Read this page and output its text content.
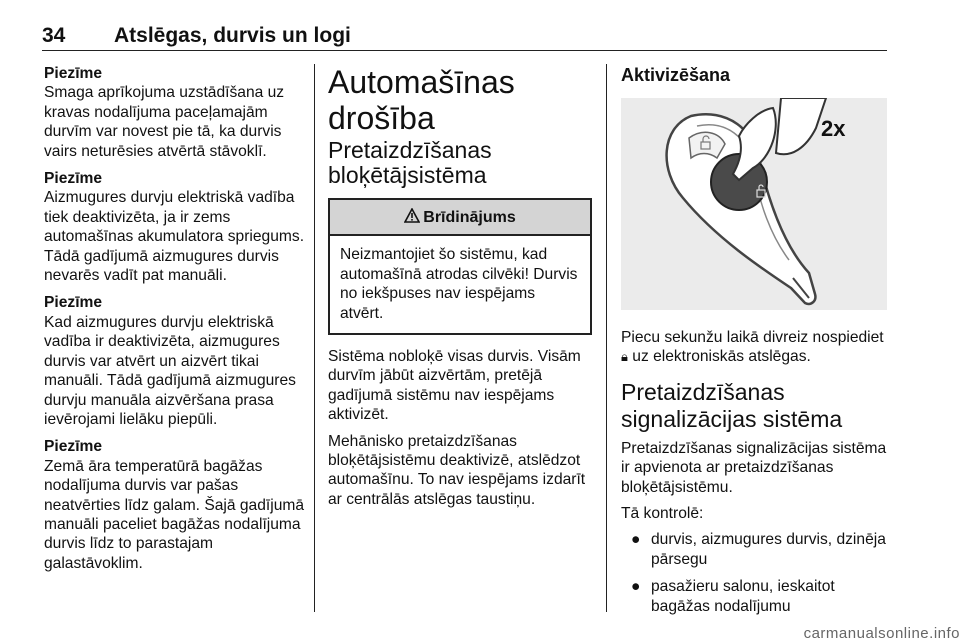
34 Atslēgas, durvis un logi
Piezīme
Smaga aprīkojuma uzstādīšana uz kravas nodalījuma paceļamajām durvīm var novest pie tā, ka durvis vairs neturēsies atvērtā stāvoklī.
Piezīme
Aizmugures durvju elektriskā vadība tiek deaktivizēta, ja ir zems automašīnas akumulatora spriegums. Tādā gadījumā aizmugures durvis nevarēs vadīt pat manuāli.
Piezīme
Kad aizmugures durvju elektriskā vadība ir deaktivizēta, aizmugures durvis var atvērt un aizvērt tikai manuāli. Tādā gadījumā aizmugures durvju manuāla aizvēršana prasa ievērojami lielāku piepūli.
Piezīme
Zemā āra temperatūrā bagāžas nodalījuma durvis var pašas neatvērties līdz galam. Šajā gadījumā manuāli paceliet bagāžas nodalījuma durvis līdz to parastajam galastāvoklim.
Automašīnas drošība
Pretaizdzīšanas bloķētājsistēma
Brīdinājums
Neizmantojiet šo sistēmu, kad automašīnā atrodas cilvēki! Durvis no iekšpuses nav iespējams atvērt.

Sistēma nobloķē visas durvis. Visām durvīm jābūt aizvērtām, pretējā gadījumā sistēmu nav iespējams aktivizēt.

Mehānisko pretaizdzīšanas bloķētājsistēmu deaktivizē, atslēdzot automašīnu. To nav iespējams izdarīt ar centrālās atslēgas taustiņu.

Aktivizēšana
2x

Piecu sekunžu laikā divreiz nospiediet 🔒︎ uz elektroniskās atslēgas.

Pretaizdzīšanas signalizācijas sistēma

Pretaizdzīšanas signalizācijas sistēma ir apvienota ar pretaizdzīšanas bloķētājsistēmu.

Tā kontrolē:

● durvis, aizmugures durvis, dzinēja pārsegu
● pasažieru salonu, ieskaitot bagāžas nodalījumu
carmanualsonline.info
